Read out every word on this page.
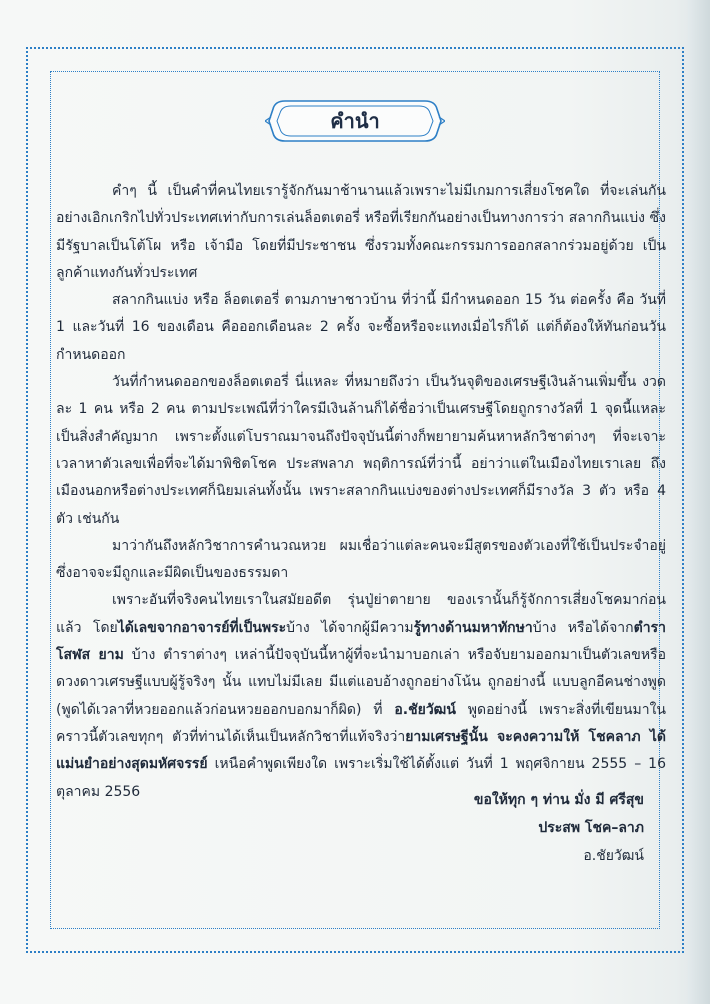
คำนำ

คำๆ นี้ เป็นคำที่คนไทยเรารู้จักกันมาช้านานแล้วเพราะไม่มีเกมการเสี่ยงโชคใด ที่จะเล่นกันอย่างเอิกเกริกไปทั่วประเทศเท่ากับการเล่นล็อตเตอรี่ หรือที่เรียกกันอย่างเป็นทางการว่า สลากกินแบ่ง ซึ่งมีรัฐบาลเป็นโต้โผ หรือ เจ้ามือ โดยที่มีประชาชน ซึ่งรวมทั้งคณะกรรมการออกสลากร่วมอยู่ด้วย เป็นลูกค้าแทงกันทั่วประเทศ

สลากกินแบ่ง หรือ ล็อตเตอรี่ ตามภาษาชาวบ้าน ที่ว่านี้ มีกำหนดออก 15 วัน ต่อครั้ง คือ วันที่ 1 และวันที่ 16 ของเดือน คือออกเดือนละ 2 ครั้ง จะซื้อหรือจะแทงเมื่อไรก็ได้ แต่ก็ต้องให้ทันก่อนวันกำหนดออก

วันที่กำหนดออกของล็อตเตอรี่ นี่แหละ ที่หมายถึงว่า เป็นวันจุติของเศรษฐีเงินล้านเพิ่มขึ้น งวดละ 1 คน หรือ 2 คน ตามประเพณีที่ว่าใครมีเงินล้านก็ได้ชื่อว่าเป็นเศรษฐีโดยถูกรางวัลที่ 1 จุดนี้แหละเป็นสิ่งสำคัญมาก เพราะตั้งแต่โบราณมาจนถึงปัจจุบันนี้ต่างก็พยายามค้นหาหลักวิชาต่างๆ ที่จะเจาะเวลาหาตัวเลขเพื่อที่จะได้มาพิชิตโชค ประสพลาภ พฤติการณ์ที่ว่านี้ อย่าว่าแต่ในเมืองไทยเราเลย ถึงเมืองนอกหรือต่างประเทศก็นิยมเล่นทั้งนั้น เพราะสลากกินแบ่งของต่างประเทศก็มีรางวัล 3 ตัว หรือ 4 ตัว เช่นกัน

มาว่ากันถึงหลักวิชาการคำนวณหวย ผมเชื่อว่าแต่ละคนจะมีสูตรของตัวเองที่ใช้เป็นประจำอยู่ซึ่งอาจจะมีถูกและมีผิดเป็นของธรรมดา

เพราะอันที่จริงคนไทยเราในสมัยอดีต รุ่นปู่ย่าตายาย ของเรานั้นก็รู้จักการเสี่ยงโชคมาก่อนแล้ว โดยได้เลขจากอาจารย์ที่เป็นพระบ้าง ได้จากผู้มีความรู้ทางด้านมหาทักษาบ้าง หรือได้จากตำราโสฬส ยาม บ้าง ตำราต่างๆ เหล่านี้ปัจจุบันนี้หาผู้ที่จะนำมาบอกเล่า หรือจับยามออกมาเป็นตัวเลขหรือดวงดาวเศรษฐีแบบผู้รู้จริงๆ นั้น แทบไม่มีเลย มีแต่แอบอ้างถูกอย่างโน้น ถูกอย่างนี้ แบบลูกอีคนช่างพูด (พูดได้เวลาที่หวยออกแล้วก่อนหวยออกบอกมาก็ผิด) ที่ อ.ชัยวัฒน์ พูดอย่างนี้ เพราะสิ่งที่เขียนมาในคราวนี้ตัวเลขทุกๆ ตัวที่ท่านได้เห็นเป็นหลักวิชาที่แท้จริงว่ายามเศรษฐีนั้น จะคงความให้ โชคลาภ ได้แม่นยำอย่างสุดมหัศจรรย์ เหนือคำพูดเพียงใด เพราะเริ่มใช้ได้ตั้งแต่ วันที่ 1 พฤศจิกายน 2555 – 16 ตุลาคม 2556

ขอให้ทุก ๆ ท่าน มั่ง มี ศรีสุข
ประสพ โชค–ลาภ
อ.ชัยวัฒน์
